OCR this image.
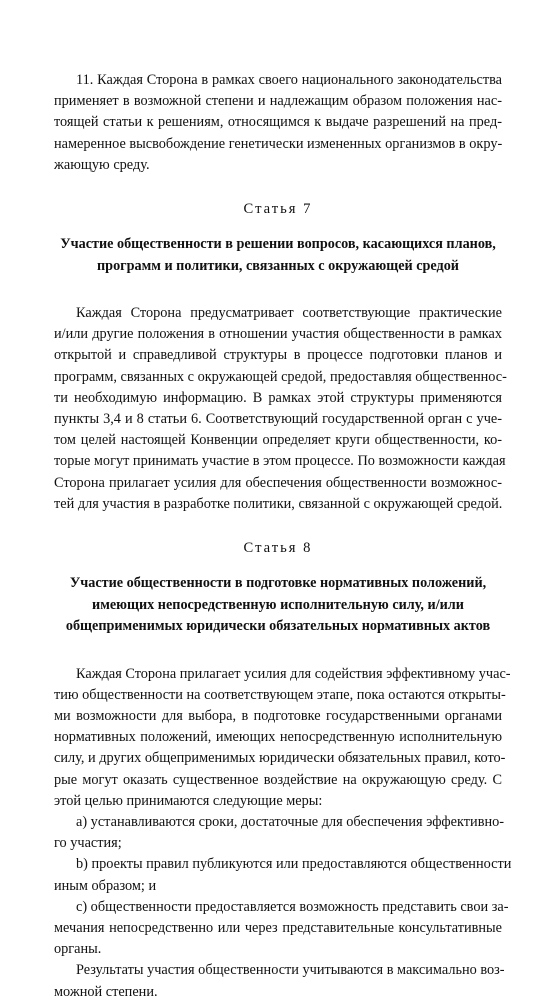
11. Каждая Сторона в рамках своего национального законодательства
применяет в возможной степени и надлежащим образом положения нас-
тоящей статьи к решениям, относящимся к выдаче разрешений на пред-
намеренное высвобождение генетически измененных организмов в окру-
жающую среду.
Статья 7
Участие общественности в решении вопросов, касающихся планов,
программ и политики, связанных с окружающей средой
Каждая Сторона предусматривает соответствующие практические
и/или другие положения в отношении участия общественности в рамках
открытой и справедливой структуры в процессе подготовки планов и
программ, связанных с окружающей средой, предоставляя общественнос-
ти необходимую информацию. В рамках этой структуры применяются
пункты 3,4 и 8 статьи 6. Соответствующий государственной орган с уче-
том целей настоящей Конвенции определяет круги общественности, ко-
торые могут принимать участие в этом процессе. По возможности каждая
Сторона прилагает усилия для обеспечения общественности возможнос-
тей для участия в разработке политики, связанной с окружающей средой.
Статья 8
Участие общественности в подготовке нормативных положений,
имеющих непосредственную исполнительную силу, и/или
общеприменимых юридически обязательных нормативных актов
Каждая Сторона прилагает усилия для содействия эффективному учас-
тию общественности на соответствующем этапе, пока остаются открыты-
ми возможности для выбора, в подготовке государственными органами
нормативных положений, имеющих непосредственную исполнительную
силу, и других общеприменимых юридически обязательных правил, кото-
рые могут оказать существенное воздействие на окружающую среду. С
этой целью принимаются следующие меры:
а) устанавливаются сроки, достаточные для обеспечения эффективно-
го участия;
b) проекты правил публикуются или предоставляются общественности
иным образом; и
с) общественности предоставляется возможность представить свои за-
мечания непосредственно или через представительные консультативные
органы.
Результаты участия общественности учитываются в максимально воз-
можной степени.
